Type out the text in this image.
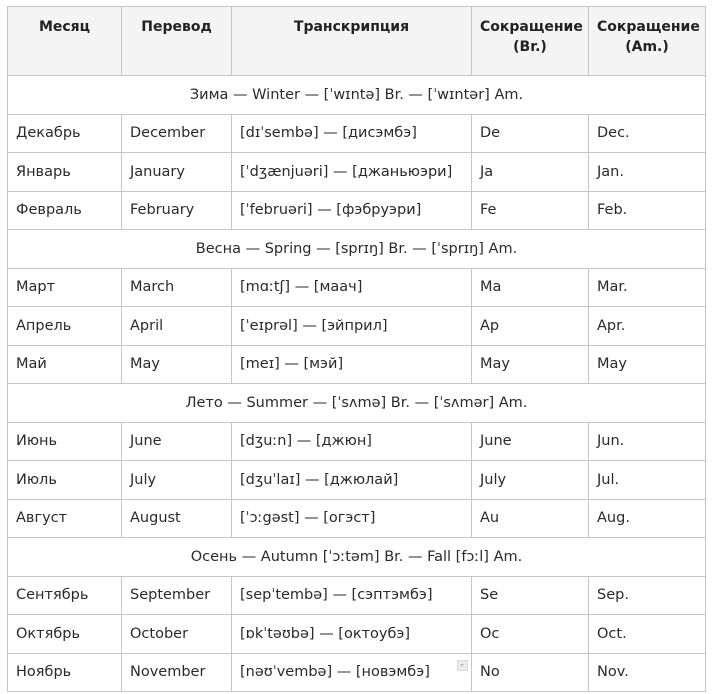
Месяц	Перевод	Транскрипция	Сокращение (Br.)	Сокращение (Am.)
Зима — Winter — [ˈwɪntə] Br. — [ˈwɪntər] Am.				
Декабрь	December	[dɪˈsembə] — [дисэмбэ]	De	Dec.
Январь	January	[ˈdʒænjuəri] — [джаньюэри]	Ja	Jan.
Февраль	February	[ˈfebruəri] — [фэбруэри]	Fe	Feb.
Весна — Spring — [sprɪŋ] Br. — [ˈsprɪŋ] Am.				
Март	March	[mɑːtʃ] — [маач]	Ma	Mar.
Апрель	April	[ˈeɪprəl] — [эйприл]	Ap	Apr.
Май	May	[meɪ] — [мэй]	May	May
Лето — Summer — [ˈsʌmə] Br. — [ˈsʌmər] Am.				
Июнь	June	[dʒuːn] — [джюн]	June	Jun.
Июль	July	[dʒuˈlaɪ] — [джюлай]	July	Jul.
Август	August	[ˈɔːgəst] — [огэст]	Au	Aug.
Осень — Autumn [ˈɔːtəm] Br. — Fall [fɔːl] Am.				
Сентябрь	September	[sepˈtembə] — [сэптэмбэ]	Se	Sep.
Октябрь	October	[ɒkˈtəʊbə] — [октоубэ]	Oc	Oct.
Ноябрь	November	[nəʊˈvembə] — [новэмбэ]	No	Nov.
